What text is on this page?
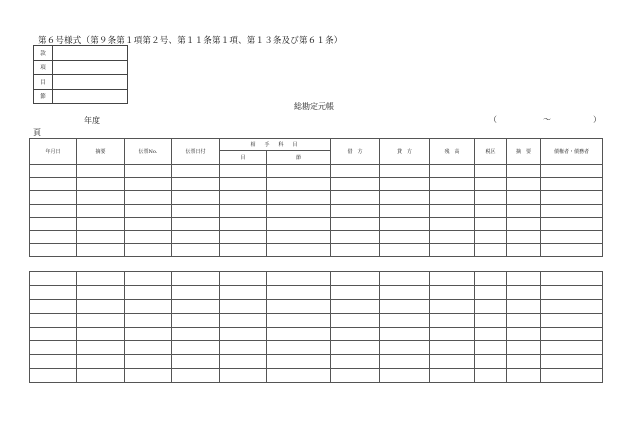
第６号様式（第９条第１項第２号、第１１条第１項、第１３条及び第６１条）
款	
項	
目	
節	
総勘定元帳
年度	（	～	）
頁
年月日	摘要	伝票No.	伝票日付	相　手　科　目		借　方	貸　方	残　高	税区	摘　要	債権者・債務者
				目	節						
